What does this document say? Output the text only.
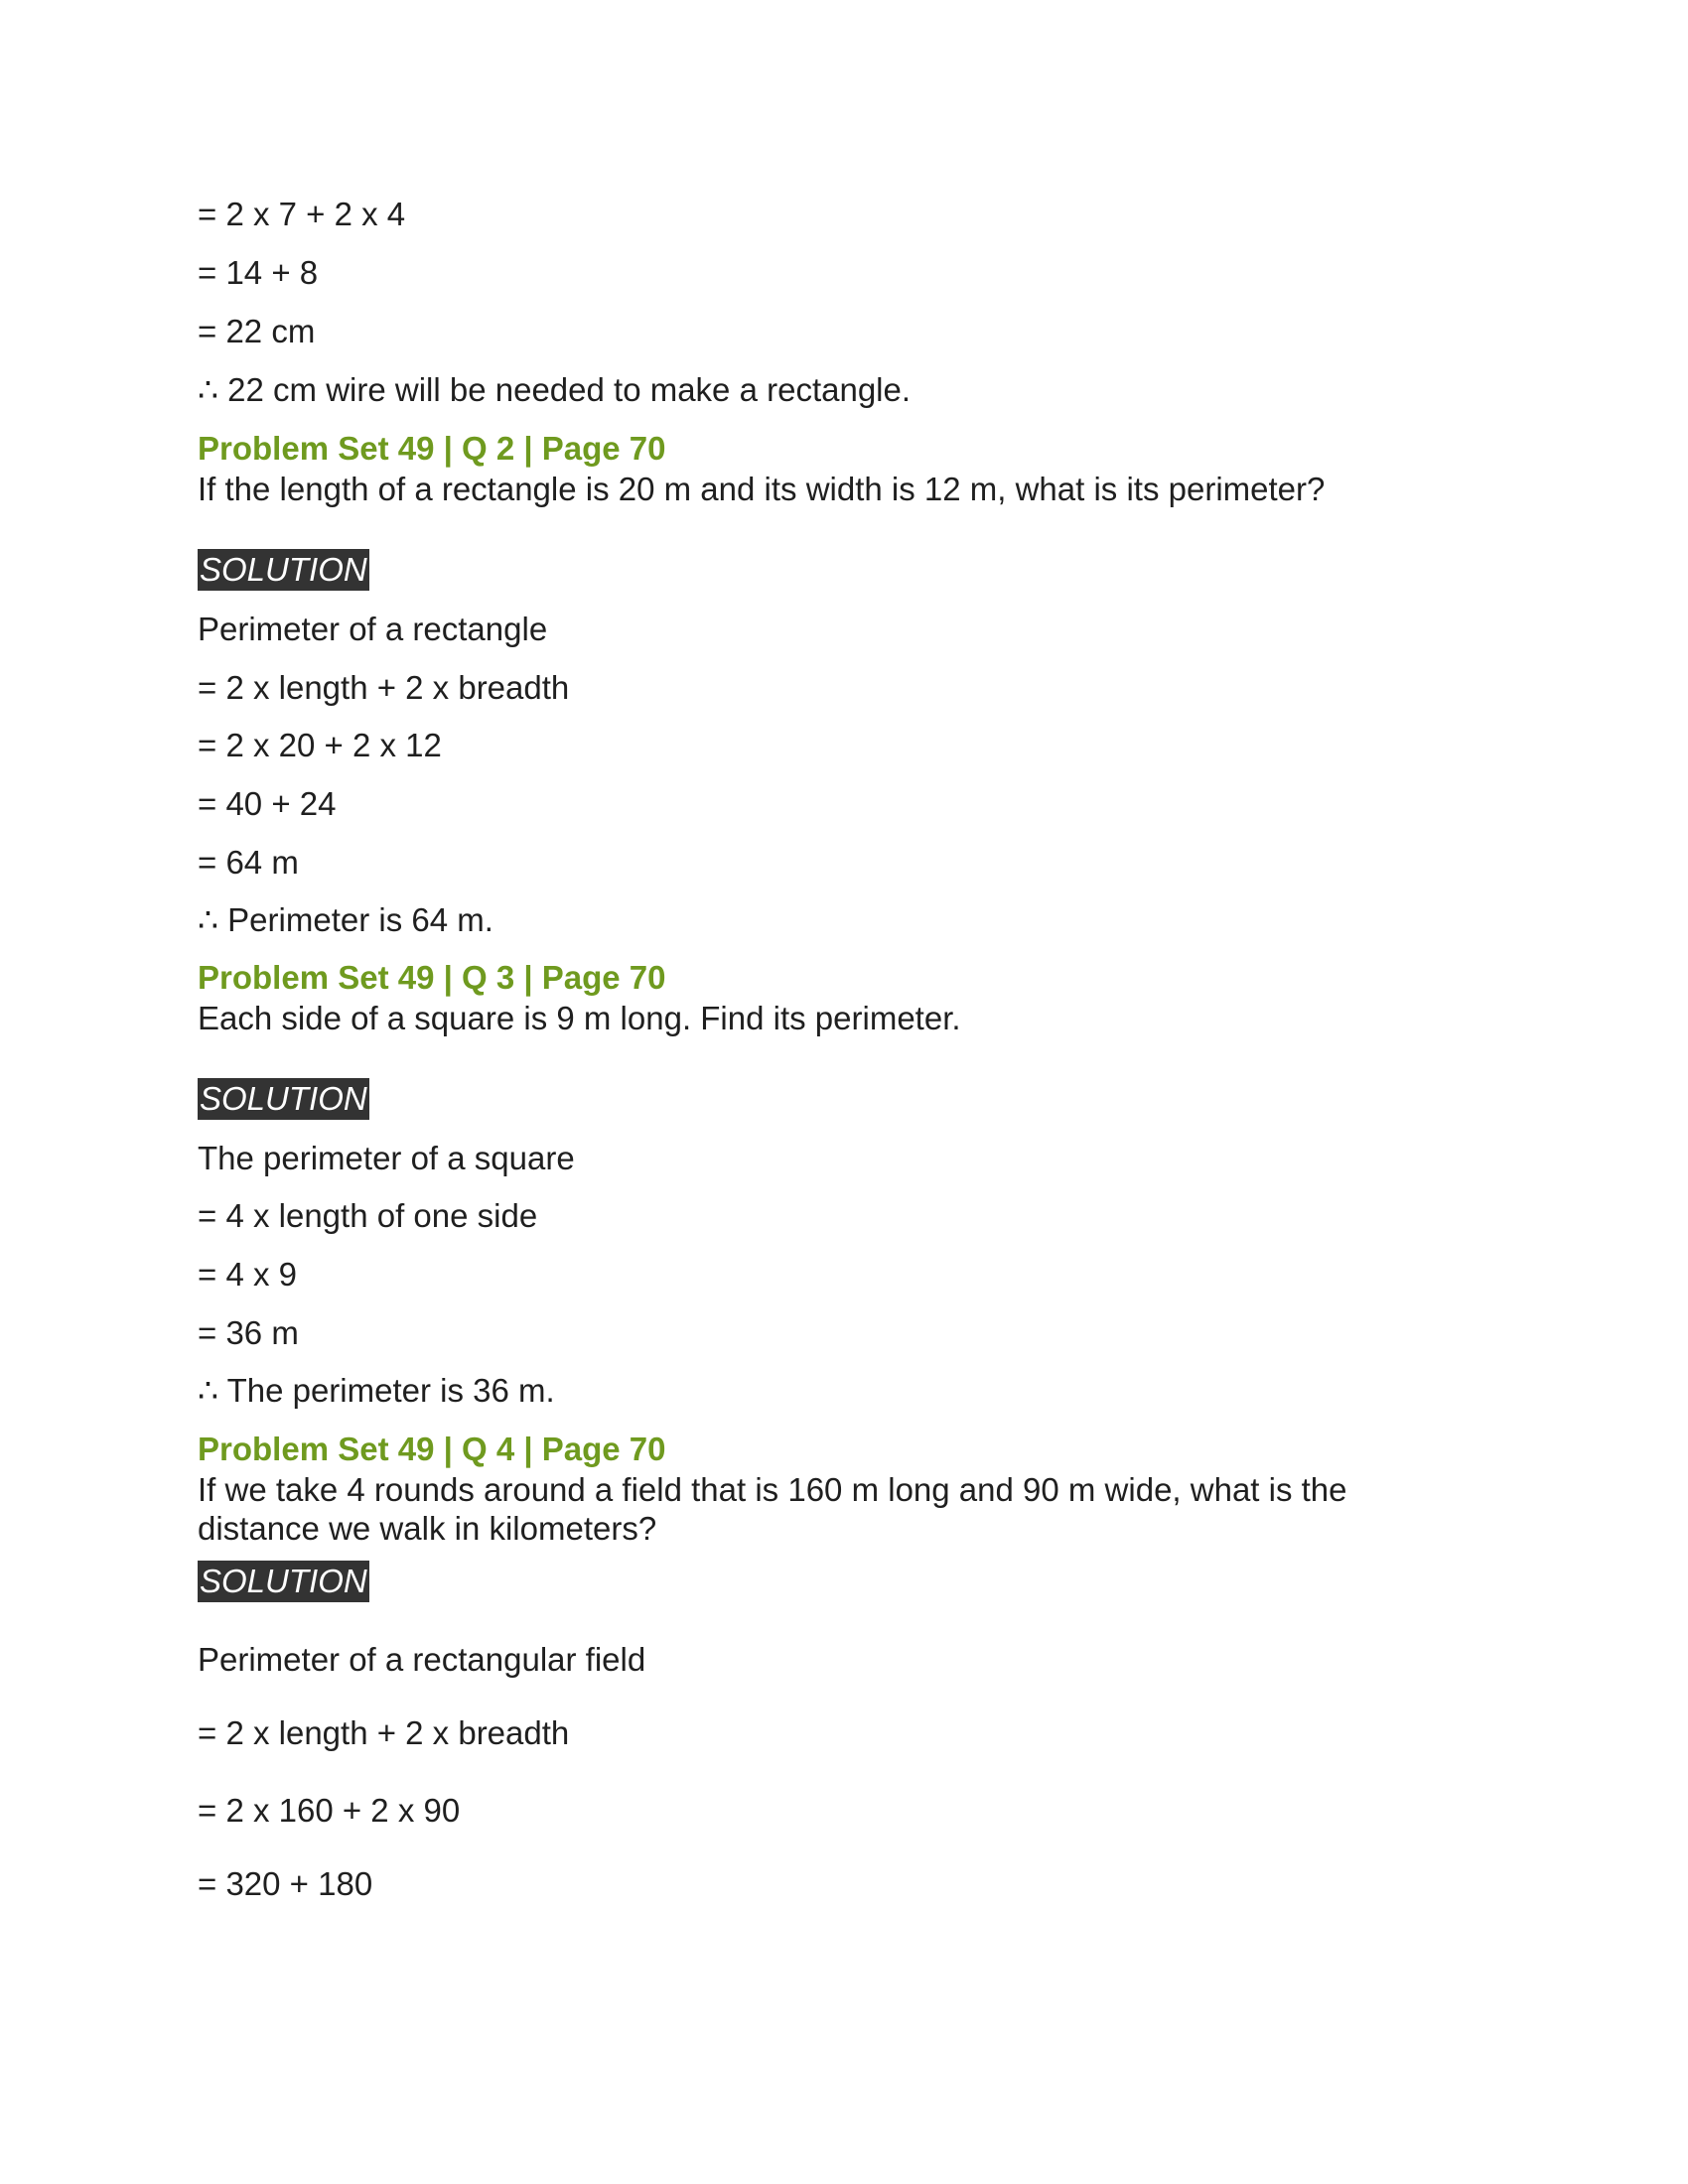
= 2 x 7 + 2 x 4
= 14 + 8
= 22 cm
∴ 22 cm wire will be needed to make a rectangle.
Problem Set 49 | Q 2 | Page 70
If the length of a rectangle is 20 m and its width is 12 m, what is its perimeter?
SOLUTION
Perimeter of a rectangle
= 2 x length + 2 x breadth
= 2 x 20 + 2 x 12
= 40 + 24
= 64 m
∴ Perimeter is 64 m.
Problem Set 49 | Q 3 | Page 70
Each side of a square is 9 m long. Find its perimeter.
SOLUTION
The perimeter of a square
= 4 x length of one side
= 4 x 9
= 36 m
∴ The perimeter is 36 m.
Problem Set 49 | Q 4 | Page 70
If we take 4 rounds around a field that is 160 m long and 90 m wide, what is the
distance we walk in kilometers?
SOLUTION
Perimeter of a rectangular field
= 2 x length + 2 x breadth
= 2 x 160 + 2 x 90
= 320 + 180
